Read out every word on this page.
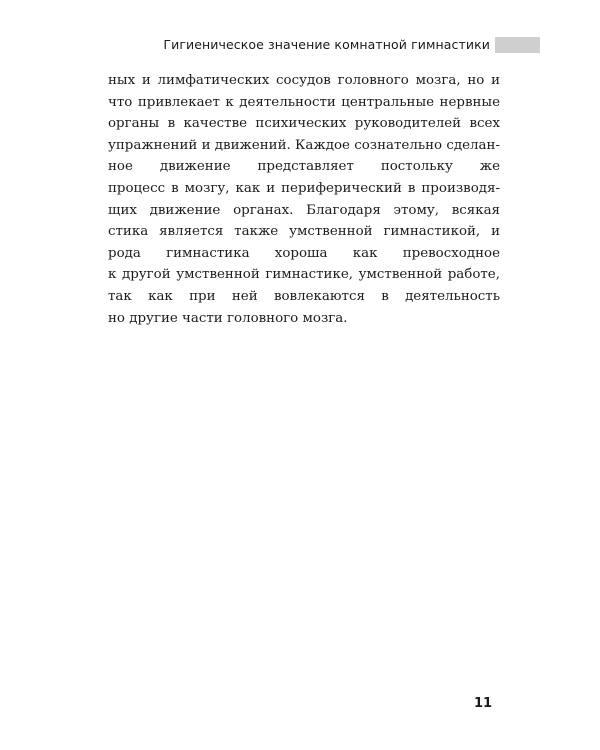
Гигиеническое значение комнатной гимнастики
ных и лимфатических сосудов головного мозга, но и
что привлекает к деятельности центральные нервные
органы в качестве психических руководителей всех
упражнений и движений. Каждое сознательно сделан-
ное движение представляет постольку же
процесс в мозгу, как и периферический в производя-
щих движение органах. Благодаря этому, всякая
стика является также умственной гимнастикой, и
рода гимнастика хороша как превосходное
к другой умственной гимнастике, умственной работе,
так как при ней вовлекаются в деятельность
но другие части головного мозга.
11
